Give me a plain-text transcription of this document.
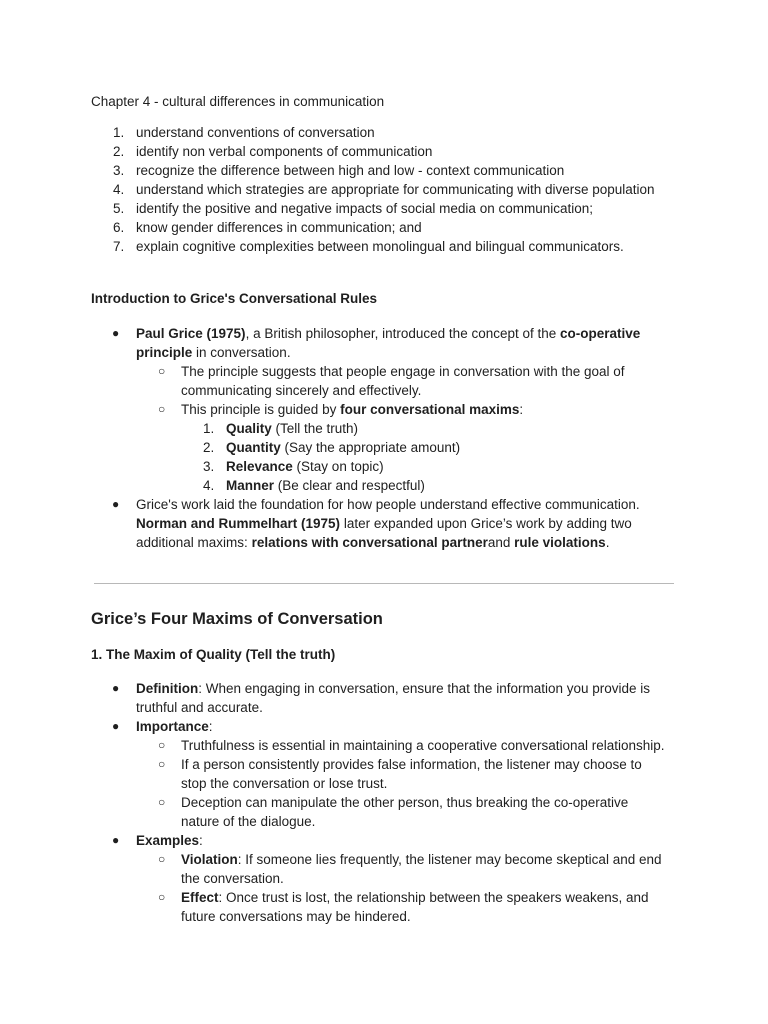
Chapter 4 - cultural differences in communication
1. understand conventions of conversation
2. identify non verbal components of communication
3. recognize the difference between high and low - context communication
4. understand which strategies are appropriate for communicating with diverse population
5. identify the positive and negative impacts of social media on communication;
6. know gender differences in communication; and
7. explain cognitive complexities between monolingual and bilingual communicators.
Introduction to Grice's Conversational Rules
● Paul Grice (1975), a British philosopher, introduced the concept of the co-operative
principle in conversation.
○ The principle suggests that people engage in conversation with the goal of
communicating sincerely and effectively.
○ This principle is guided by four conversational maxims:
1. Quality (Tell the truth)
2. Quantity (Say the appropriate amount)
3. Relevance (Stay on topic)
4. Manner (Be clear and respectful)
● Grice's work laid the foundation for how people understand effective communication.
Norman and Rummelhart (1975) later expanded upon Grice’s work by adding two
additional maxims: relations with conversational partnerand rule violations.
Grice’s Four Maxims of Conversation
1. The Maxim of Quality (Tell the truth)
● Definition: When engaging in conversation, ensure that the information you provide is
truthful and accurate.
● Importance:
○ Truthfulness is essential in maintaining a cooperative conversational relationship.
○ If a person consistently provides false information, the listener may choose to
stop the conversation or lose trust.
○ Deception can manipulate the other person, thus breaking the co-operative
nature of the dialogue.
● Examples:
○ Violation: If someone lies frequently, the listener may become skeptical and end
the conversation.
○ Effect: Once trust is lost, the relationship between the speakers weakens, and
future conversations may be hindered.
